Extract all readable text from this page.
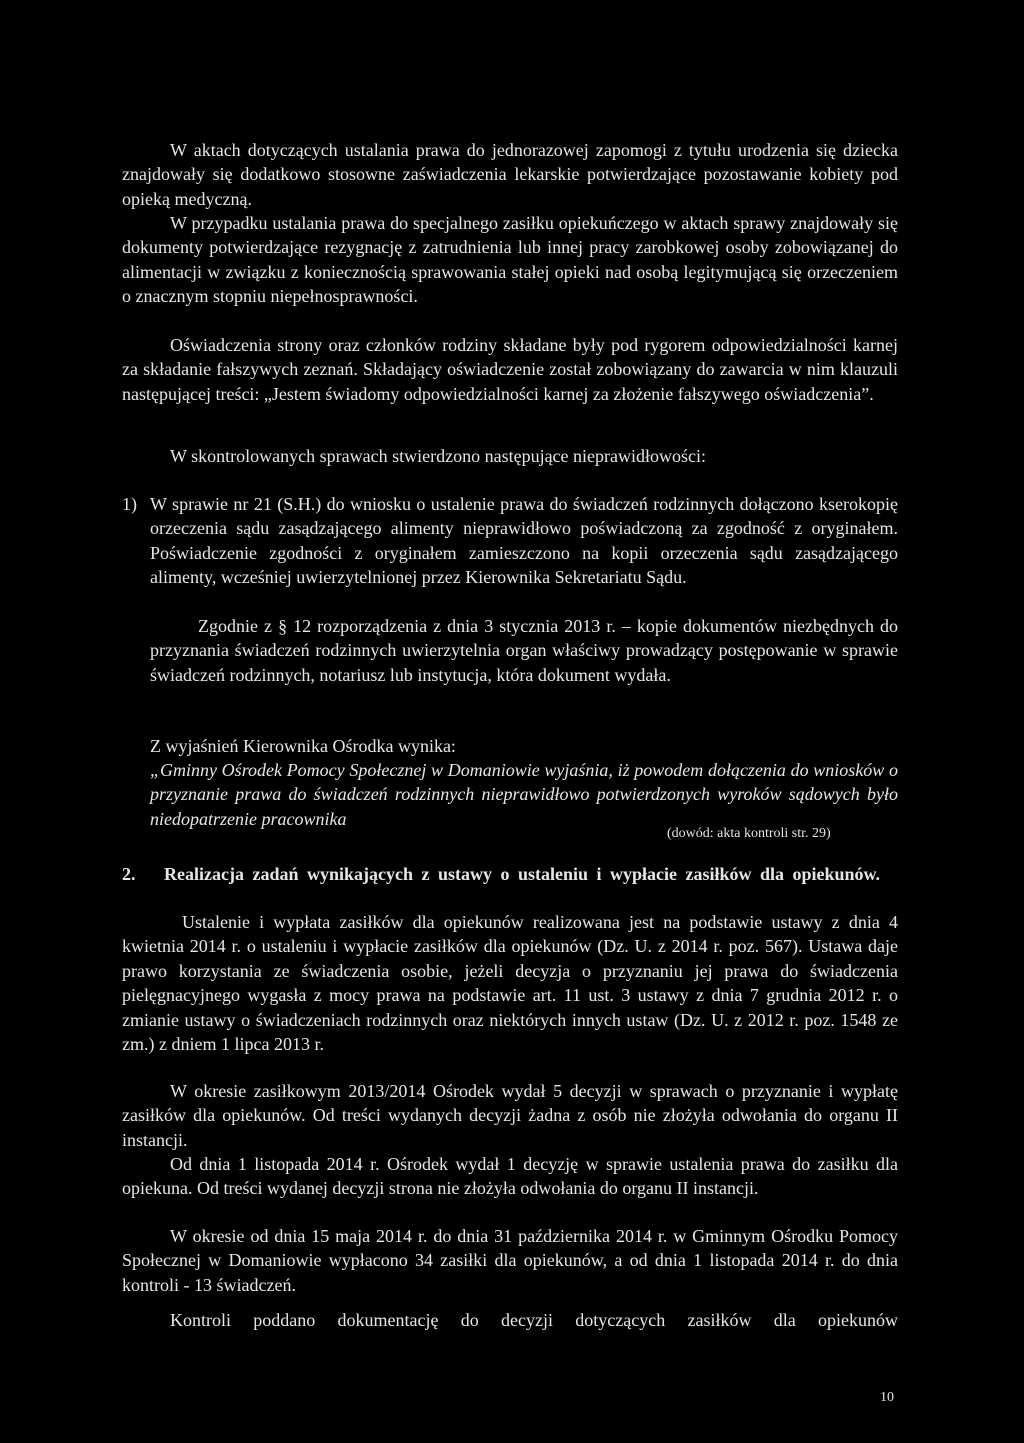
W aktach dotyczących ustalania prawa do jednorazowej zapomogi z tytułu urodzenia się dziecka znajdowały się dodatkowo stosowne zaświadczenia lekarskie potwierdzające pozostawanie kobiety pod opieką medyczną.

W przypadku ustalania prawa do specjalnego zasiłku opiekuńczego w aktach sprawy znajdowały się dokumenty potwierdzające rezygnację z zatrudnienia lub innej pracy zarobkowej osoby zobowiązanej do alimentacji w związku z koniecznością sprawowania stałej opieki nad osobą legitymującą się orzeczeniem o znacznym stopniu niepełnosprawności.

Oświadczenia strony oraz członków rodziny składane były pod rygorem odpowiedzialności karnej za składanie fałszywych zeznań. Składający oświadczenie został zobowiązany do zawarcia w nim klauzuli następującej treści: „Jestem świadomy odpowiedzialności karnej za złożenie fałszywego oświadczenia”.

W skontrolowanych sprawach stwierdzono następujące nieprawidłowości:

1) W sprawie nr 21 (S.H.) do wniosku o ustalenie prawa do świadczeń rodzinnych dołączono kserokopię orzeczenia sądu zasądzającego alimenty nieprawidłowo poświadczoną za zgodność z oryginałem. Poświadczenie zgodności z oryginałem zamieszczono na kopii orzeczenia sądu zasądzającego alimenty, wcześniej uwierzytelnionej przez Kierownika Sekretariatu Sądu.

Zgodnie z § 12 rozporządzenia z dnia 3 stycznia 2013 r. – kopie dokumentów niezbędnych do przyznania świadczeń rodzinnych uwierzytelnia organ właściwy prowadzący postępowanie w sprawie świadczeń rodzinnych, notariusz lub instytucja, która dokument wydała.

Z wyjaśnień Kierownika Ośrodka wynika:

„Gminny Ośrodek Pomocy Społecznej w Domaniowie wyjaśnia, iż powodem dołączenia do wniosków o przyznanie prawa do świadczeń rodzinnych nieprawidłowo potwierdzonych wyroków sądowych było niedopatrzenie pracownika

(dowód: akta kontroli str. 29)

2. Realizacja zadań wynikających z ustawy o ustaleniu i wypłacie zasiłków dla opiekunów.

Ustalenie i wypłata zasiłków dla opiekunów realizowana jest na podstawie ustawy z dnia 4 kwietnia 2014 r. o ustaleniu i wypłacie zasiłków dla opiekunów (Dz. U. z 2014 r. poz. 567). Ustawa daje prawo korzystania ze świadczenia osobie, jeżeli decyzja o przyznaniu jej prawa do świadczenia pielęgnacyjnego wygasła z mocy prawa na podstawie art. 11 ust. 3 ustawy z dnia 7 grudnia 2012 r. o zmianie ustawy o świadczeniach rodzinnych oraz niektórych innych ustaw (Dz. U. z 2012 r. poz. 1548 ze zm.) z dniem 1 lipca 2013 r.

W okresie zasiłkowym 2013/2014 Ośrodek wydał 5 decyzji w sprawach o przyznanie i wypłatę zasiłków dla opiekunów. Od treści wydanych decyzji żadna z osób nie złożyła odwołania do organu II instancji.

Od dnia 1 listopada 2014 r. Ośrodek wydał 1 decyzję w sprawie ustalenia prawa do zasiłku dla opiekuna. Od treści wydanej decyzji strona nie złożyła odwołania do organu II instancji.

W okresie od dnia 15 maja 2014 r. do dnia 31 października 2014 r. w Gminnym Ośrodku Pomocy Społecznej w Domaniowie wypłacono 34 zasiłki dla opiekunów, a od dnia 1 listopada 2014 r. do dnia kontroli - 13 świadczeń.

Kontroli poddano dokumentację do decyzji dotyczących zasiłków dla opiekunów

10
